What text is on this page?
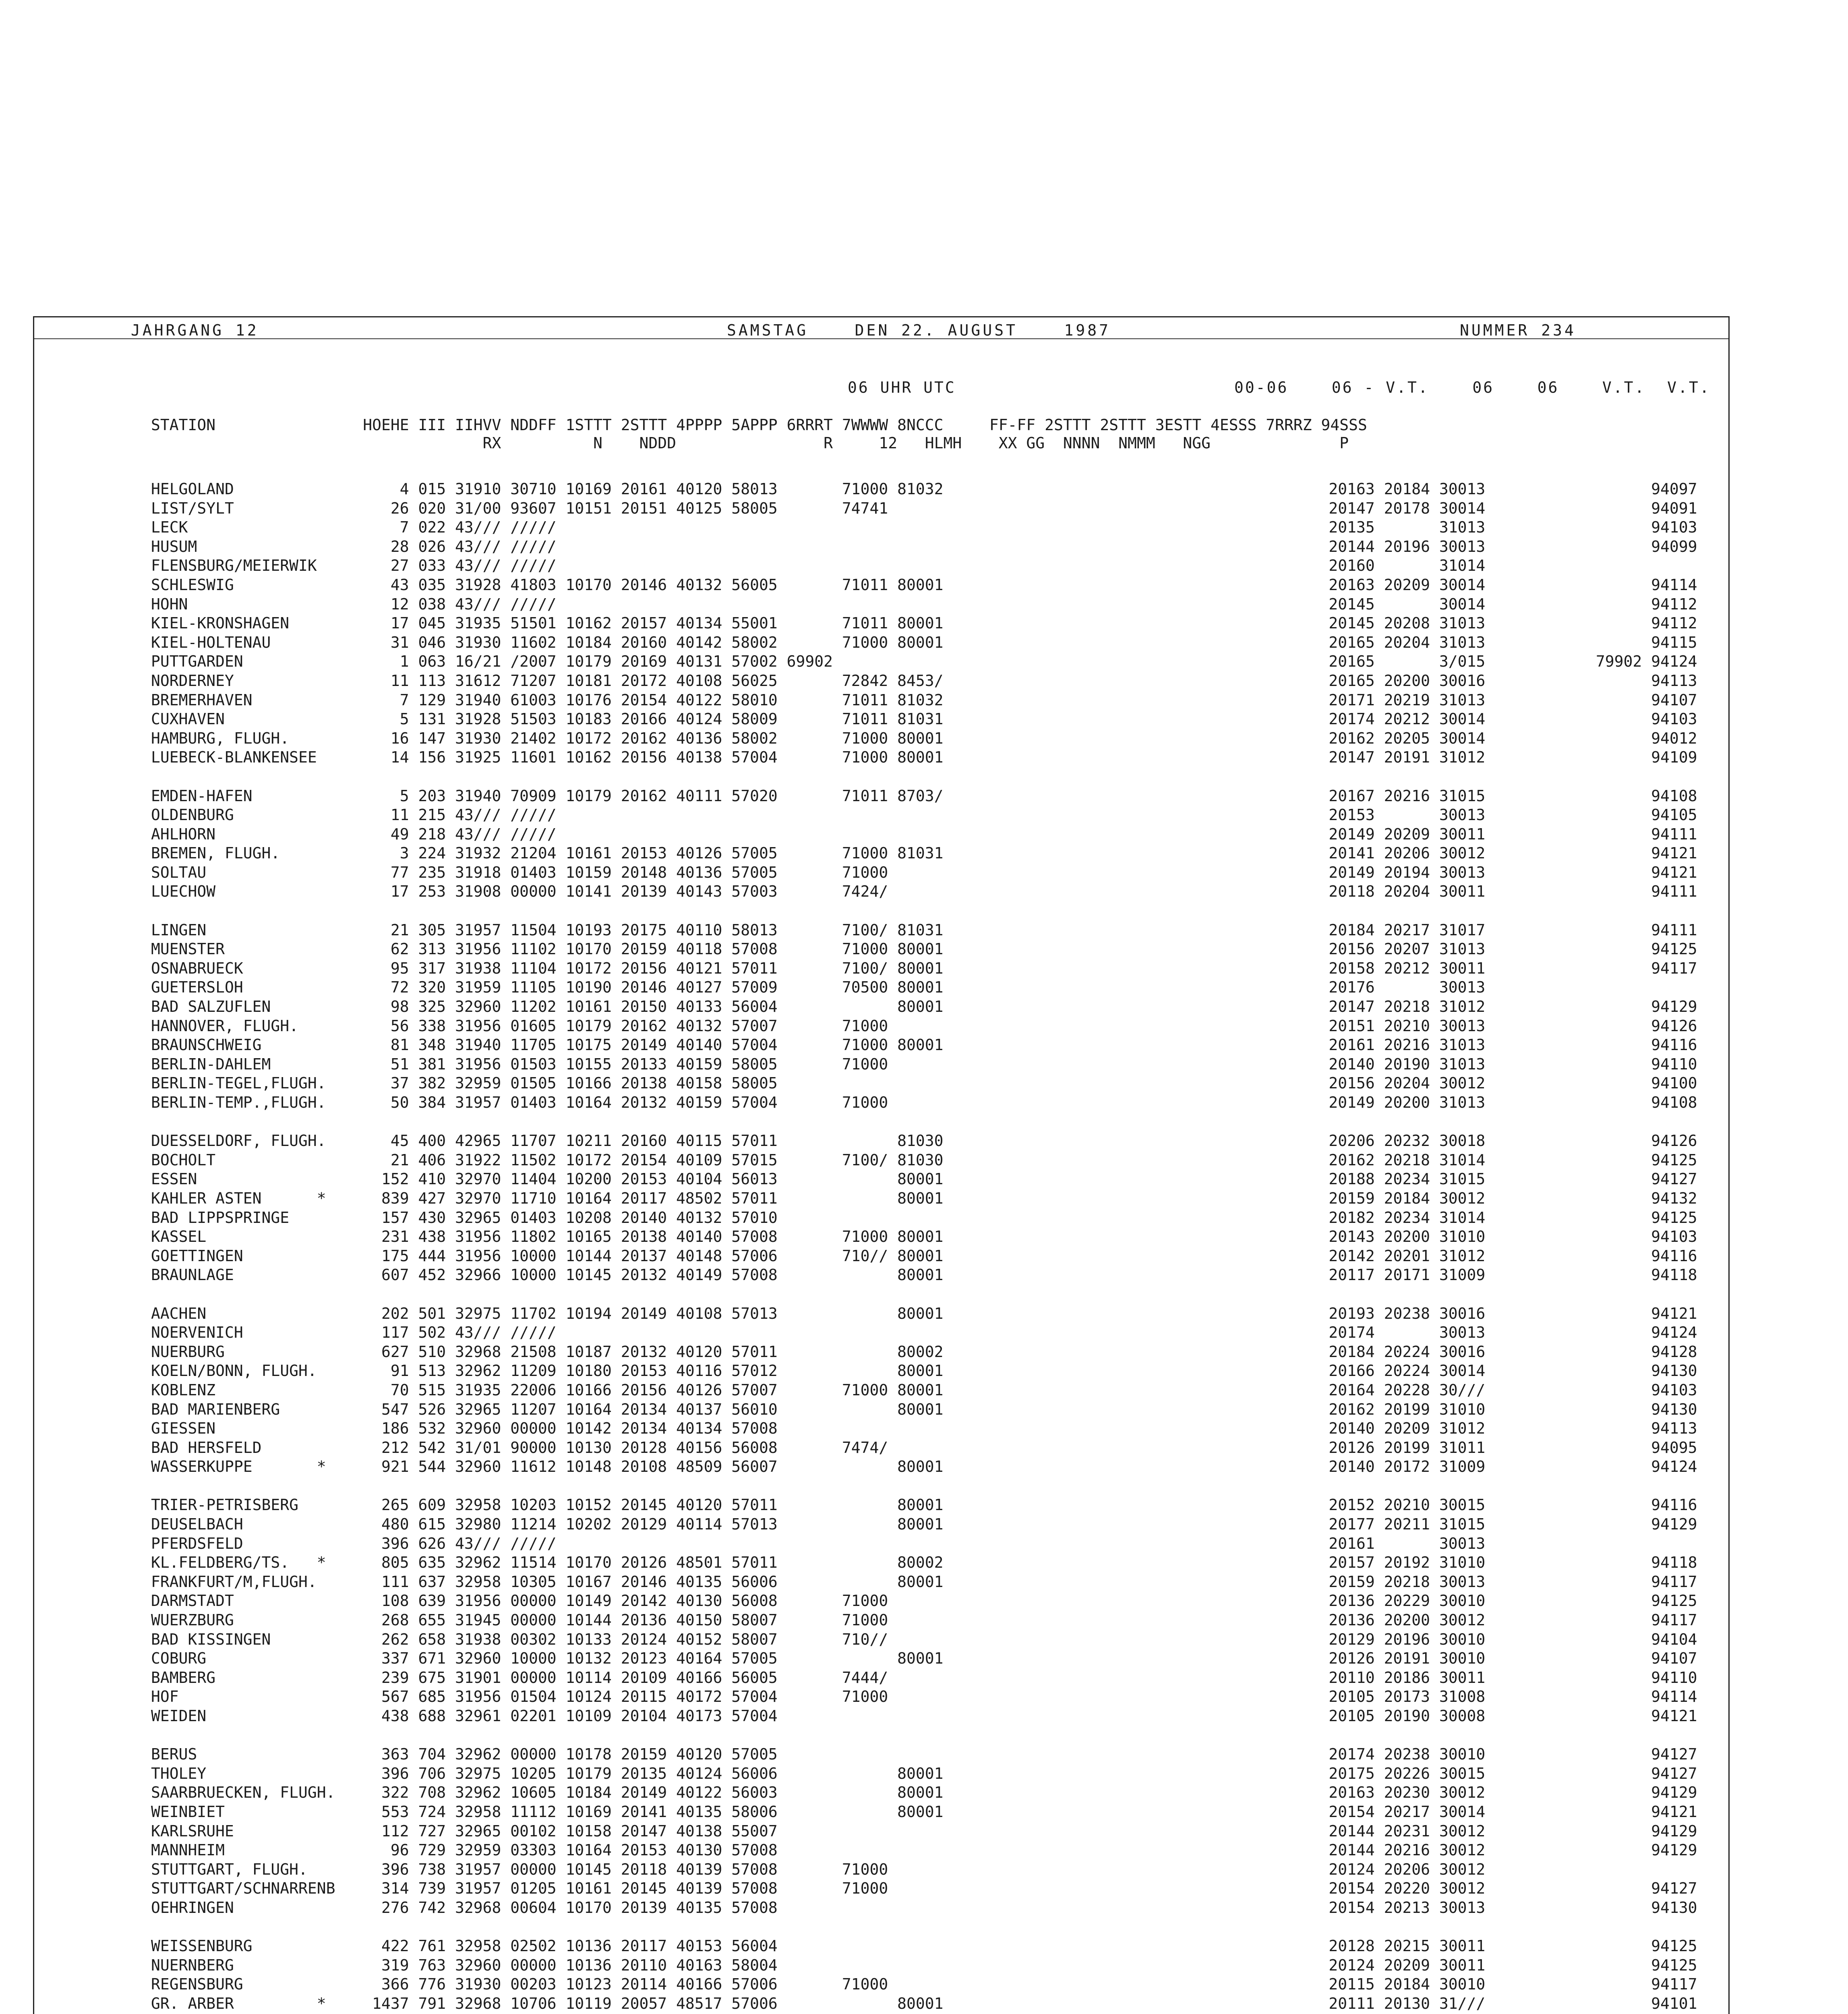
JAHRGANG 12	SAMSTAG    DEN 22. AUGUST    1987	NUMMER 234
06 UHR UTC	00-06    06 - V.T.    06    06    V.T.  V.T.
STATION                HOEHE III IIHVV NDDFF 1STTT 2STTT 4PPPP 5APPP 6RRRT 7WWWW 8NCCC     FF-FF 2STTT 2STTT 3ESTT 4ESSS 7RRRZ 94SSS
RX          N    NDDD                R     12   HLMH    XX GG  NNNN  NMMM   NGG              P
HELGOLAND                  4 015 31910 30710 10169 20161 40120 58013       71000 81032	20163 20184 30013                  94097
LIST/SYLT                 26 020 31/00 93607 10151 20151 40125 58005       74741	20147 20178 30014                  94091
LECK                       7 022 43/// /////	20135       31013                  94103
HUSUM                     28 026 43/// /////	20144 20196 30013                  94099
FLENSBURG/MEIERWIK        27 033 43/// /////	20160       31014
SCHLESWIG                 43 035 31928 41803 10170 20146 40132 56005       71011 80001	20163 20209 30014                  94114
HOHN                      12 038 43/// /////	20145       30014                  94112
KIEL-KRONSHAGEN           17 045 31935 51501 10162 20157 40134 55001       71011 80001	20145 20208 31013                  94112
KIEL-HOLTENAU             31 046 31930 11602 10184 20160 40142 58002       71000 80001	20165 20204 31013                  94115
PUTTGARDEN                 1 063 16/21 /2007 10179 20169 40131 57002 69902	20165       3/015            79902 94124
NORDERNEY                 11 113 31612 71207 10181 20172 40108 56025       72842 8453/	20165 20200 30016                  94113
BREMERHAVEN                7 129 31940 61003 10176 20154 40122 58010       71011 81032	20171 20219 31013                  94107
CUXHAVEN                   5 131 31928 51503 10183 20166 40124 58009       71011 81031	20174 20212 30014                  94103
HAMBURG, FLUGH.           16 147 31930 21402 10172 20162 40136 58002       71000 80001	20162 20205 30014                  94012
LUEBECK-BLANKENSEE        14 156 31925 11601 10162 20156 40138 57004       71000 80001	20147 20191 31012                  94109
EMDEN-HAFEN                5 203 31940 70909 10179 20162 40111 57020       71011 8703/	20167 20216 31015                  94108
OLDENBURG                 11 215 43/// /////	20153       30013                  94105
AHLHORN                   49 218 43/// /////	20149 20209 30011                  94111
BREMEN, FLUGH.             3 224 31932 21204 10161 20153 40126 57005       71000 81031	20141 20206 30012                  94121
SOLTAU                    77 235 31918 01403 10159 20148 40136 57005       71000	20149 20194 30013                  94121
LUECHOW                   17 253 31908 00000 10141 20139 40143 57003       7424/	20118 20204 30011                  94111
LINGEN                    21 305 31957 11504 10193 20175 40110 58013       7100/ 81031	20184 20217 31017                  94111
MUENSTER                  62 313 31956 11102 10170 20159 40118 57008       71000 80001	20156 20207 31013                  94125
OSNABRUECK                95 317 31938 11104 10172 20156 40121 57011       7100/ 80001	20158 20212 30011                  94117
GUETERSLOH                72 320 31959 11105 10190 20146 40127 57009       70500 80001	20176       30013
BAD SALZUFLEN             98 325 32960 11202 10161 20150 40133 56004             80001	20147 20218 31012                  94129
HANNOVER, FLUGH.          56 338 31956 01605 10179 20162 40132 57007       71000	20151 20210 30013                  94126
BRAUNSCHWEIG              81 348 31940 11705 10175 20149 40140 57004       71000 80001	20161 20216 31013                  94116
BERLIN-DAHLEM             51 381 31956 01503 10155 20133 40159 58005       71000	20140 20190 31013                  94110
BERLIN-TEGEL,FLUGH.       37 382 32959 01505 10166 20138 40158 58005	20156 20204 30012                  94100
BERLIN-TEMP.,FLUGH.       50 384 31957 01403 10164 20132 40159 57004       71000	20149 20200 31013                  94108
DUESSELDORF, FLUGH.       45 400 42965 11707 10211 20160 40115 57011             81030	20206 20232 30018                  94126
BOCHOLT                   21 406 31922 11502 10172 20154 40109 57015       7100/ 81030	20162 20218 31014                  94125
ESSEN                    152 410 32970 11404 10200 20153 40104 56013             80001	20188 20234 31015                  94127
KAHLER ASTEN      *      839 427 32970 11710 10164 20117 48502 57011             80001	20159 20184 30012                  94132
BAD LIPPSPRINGE          157 430 32965 01403 10208 20140 40132 57010	20182 20234 31014                  94125
KASSEL                   231 438 31956 11802 10165 20138 40140 57008       71000 80001	20143 20200 31010                  94103
GOETTINGEN               175 444 31956 10000 10144 20137 40148 57006       710// 80001	20142 20201 31012                  94116
BRAUNLAGE                607 452 32966 10000 10145 20132 40149 57008             80001	20117 20171 31009                  94118
AACHEN                   202 501 32975 11702 10194 20149 40108 57013             80001	20193 20238 30016                  94121
NOERVENICH               117 502 43/// /////	20174       30013                  94124
NUERBURG                 627 510 32968 21508 10187 20132 40120 57011             80002	20184 20224 30016                  94128
KOELN/BONN, FLUGH.        91 513 32962 11209 10180 20153 40116 57012             80001	20166 20224 30014                  94130
KOBLENZ                   70 515 31935 22006 10166 20156 40126 57007       71000 80001	20164 20228 30///                  94103
BAD MARIENBERG           547 526 32965 11207 10164 20134 40137 56010             80001	20162 20199 31010                  94130
GIESSEN                  186 532 32960 00000 10142 20134 40134 57008	20140 20209 31012                  94113
BAD HERSFELD             212 542 31/01 90000 10130 20128 40156 56008       7474/	20126 20199 31011                  94095
WASSERKUPPE       *      921 544 32960 11612 10148 20108 48509 56007             80001	20140 20172 31009                  94124
TRIER-PETRISBERG         265 609 32958 10203 10152 20145 40120 57011             80001	20152 20210 30015                  94116
DEUSELBACH               480 615 32980 11214 10202 20129 40114 57013             80001	20177 20211 31015                  94129
PFERDSFELD               396 626 43/// /////	20161       30013
KL.FELDBERG/TS.   *      805 635 32962 11514 10170 20126 48501 57011             80002	20157 20192 31010                  94118
FRANKFURT/M,FLUGH.       111 637 32958 10305 10167 20146 40135 56006             80001	20159 20218 30013                  94117
DARMSTADT                108 639 31956 00000 10149 20142 40130 56008       71000	20136 20229 30010                  94125
WUERZBURG                268 655 31945 00000 10144 20136 40150 58007       71000	20136 20200 30012                  94117
BAD KISSINGEN            262 658 31938 00302 10133 20124 40152 58007       710//	20129 20196 30010                  94104
COBURG                   337 671 32960 10000 10132 20123 40164 57005             80001	20126 20191 30010                  94107
BAMBERG                  239 675 31901 00000 10114 20109 40166 56005       7444/	20110 20186 30011                  94110
HOF                      567 685 31956 01504 10124 20115 40172 57004       71000	20105 20173 31008                  94114
WEIDEN                   438 688 32961 02201 10109 20104 40173 57004	20105 20190 30008                  94121
BERUS                    363 704 32962 00000 10178 20159 40120 57005	20174 20238 30010                  94127
THOLEY                   396 706 32975 10205 10179 20135 40124 56006             80001	20175 20226 30015                  94127
SAARBRUECKEN, FLUGH.     322 708 32962 10605 10184 20149 40122 56003             80001	20163 20230 30012                  94129
WEINBIET                 553 724 32958 11112 10169 20141 40135 58006             80001	20154 20217 30014                  94121
KARLSRUHE                112 727 32965 00102 10158 20147 40138 55007	20144 20231 30012                  94129
MANNHEIM                  96 729 32959 03303 10164 20153 40130 57008	20144 20216 30012                  94129
STUTTGART, FLUGH.        396 738 31957 00000 10145 20118 40139 57008       71000	20124 20206 30012
STUTTGART/SCHNARRENB     314 739 31957 01205 10161 20145 40139 57008       71000	20154 20220 30012                  94127
OEHRINGEN                276 742 32968 00604 10170 20139 40135 57008	20154 20213 30013                  94130
WEISSENBURG              422 761 32958 02502 10136 20117 40153 56004	20128 20215 30011                  94125
NUERNBERG                319 763 32960 00000 10136 20110 40163 58004	20124 20209 30011                  94125
REGENSBURG               366 776 31930 00203 10123 20114 40166 57006       71000	20115 20184 30010                  94117
GR. ARBER         *     1437 791 32968 10706 10119 20057 48517 57006             80001	20111 20130 31///                  94101
